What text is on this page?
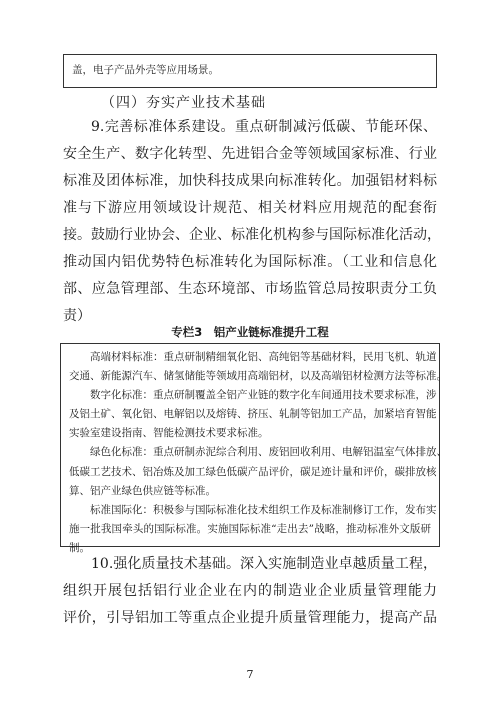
盖，电子产品外壳等应用场景。
（四）夯实产业技术基础
9.完善标准体系建设。重点研制减污低碳、节能环保、
安全生产、数字化转型、先进铝合金等领域国家标准、行业
标准及团体标准，加快科技成果向标准转化。加强铝材料标
准与下游应用领域设计规范、相关材料应用规范的配套衔
接。鼓励行业协会、企业、标准化机构参与国际标准化活动，
推动国内铝优势特色标准转化为国际标准。（工业和信息化
部、应急管理部、生态环境部、市场监管总局按职责分工负
责）
专栏3　铝产业链标准提升工程
高端材料标准：重点研制精细氧化铝、高纯铝等基础材料，民用飞机、轨道
交通、新能源汽车、储氢储能等领域用高端铝材，以及高端铝材检测方法等标准。
数字化标准：重点研制覆盖全铝产业链的数字化车间通用技术要求标准，涉
及铝土矿、氧化铝、电解铝以及熔铸、挤压、轧制等铝加工产品，加紧培育智能
实验室建设指南、智能检测技术要求标准。
绿色化标准：重点研制赤泥综合利用、废铝回收利用、电解铝温室气体排放、
低碳工艺技术、铝冶炼及加工绿色低碳产品评价，碳足迹计量和评价，碳排放核
算、铝产业绿色供应链等标准。
标准国际化：积极参与国际标准化技术组织工作及标准制修订工作，发布实
施一批我国牵头的国际标准。实施国际标准“走出去”战略，推动标准外文版研
制。
10.强化质量技术基础。深入实施制造业卓越质量工程，
组织开展包括铝行业企业在内的制造业企业质量管理能力
评价，引导铝加工等重点企业提升质量管理能力，提高产品
7
